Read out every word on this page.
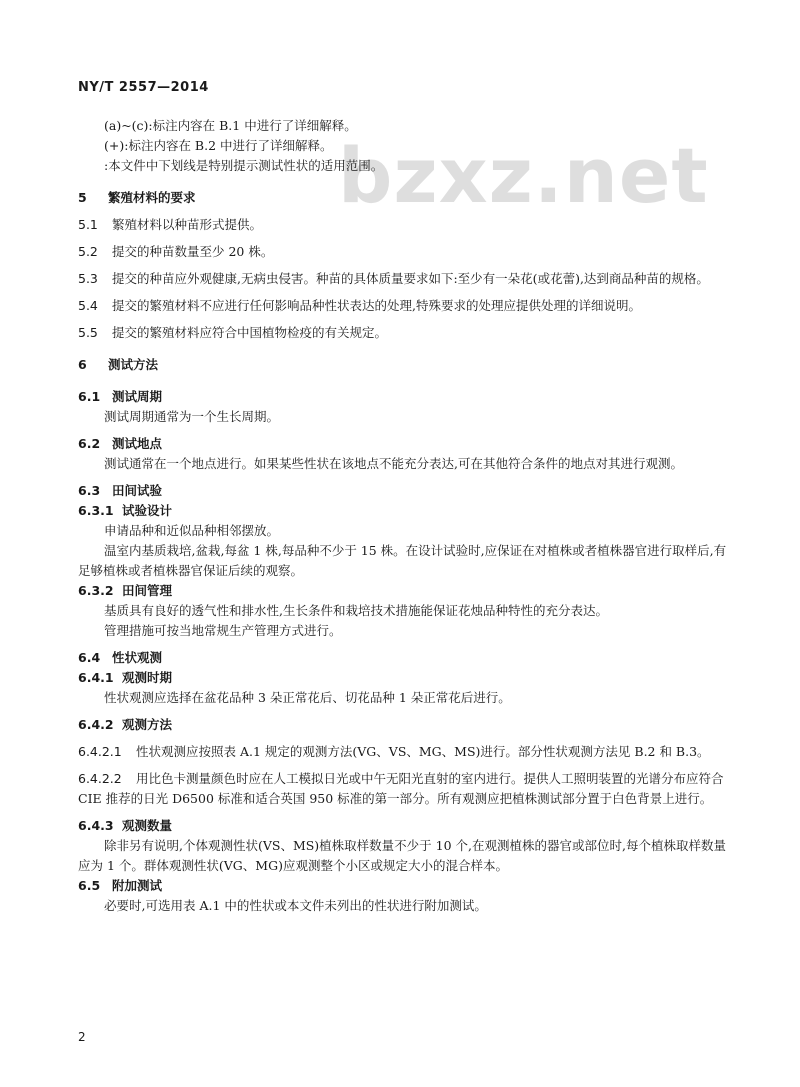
NY/T 2557—2014
bzxz.net

(a)~(c):标注内容在 B.1 中进行了详细解释。

(+):标注内容在 B.2 中进行了详细解释。

:本文件中下划线是特别提示测试性状的适用范围。

5 繁殖材料的要求

5.1 繁殖材料以种苗形式提供。

5.2 提交的种苗数量至少 20 株。

5.3 提交的种苗应外观健康,无病虫侵害。种苗的具体质量要求如下:至少有一朵花(或花蕾),达到商品种苗的规格。

5.4 提交的繁殖材料不应进行任何影响品种性状表达的处理,特殊要求的处理应提供处理的详细说明。

5.5 提交的繁殖材料应符合中国植物检疫的有关规定。

6 测试方法

6.1 测试周期

测试周期通常为一个生长周期。

6.2 测试地点

测试通常在一个地点进行。如果某些性状在该地点不能充分表达,可在其他符合条件的地点对其进行观测。

6.3 田间试验

6.3.1 试验设计

申请品种和近似品种相邻摆放。

温室内基质栽培,盆栽,每盆 1 株,每品种不少于 15 株。在设计试验时,应保证在对植株或者植株器官进行取样后,有足够植株或者植株器官保证后续的观察。

6.3.2 田间管理

基质具有良好的透气性和排水性,生长条件和栽培技术措施能保证花烛品种特性的充分表达。

管理措施可按当地常规生产管理方式进行。

6.4 性状观测

6.4.1 观测时期

性状观测应选择在盆花品种 3 朵正常花后、切花品种 1 朵正常花后进行。

6.4.2 观测方法

6.4.2.1 性状观测应按照表 A.1 规定的观测方法(VG、VS、MG、MS)进行。部分性状观测方法见 B.2 和 B.3。

6.4.2.2 用比色卡测量颜色时应在人工模拟日光或中午无阳光直射的室内进行。提供人工照明装置的光谱分布应符合 CIE 推荐的日光 D6500 标准和适合英国 950 标准的第一部分。所有观测应把植株测试部分置于白色背景上进行。

6.4.3 观测数量

除非另有说明,个体观测性状(VS、MS)植株取样数量不少于 10 个,在观测植株的器官或部位时,每个植株取样数量应为 1 个。群体观测性状(VG、MG)应观测整个小区或规定大小的混合样本。

6.5 附加测试

必要时,可选用表 A.1 中的性状或本文件未列出的性状进行附加测试。

2
